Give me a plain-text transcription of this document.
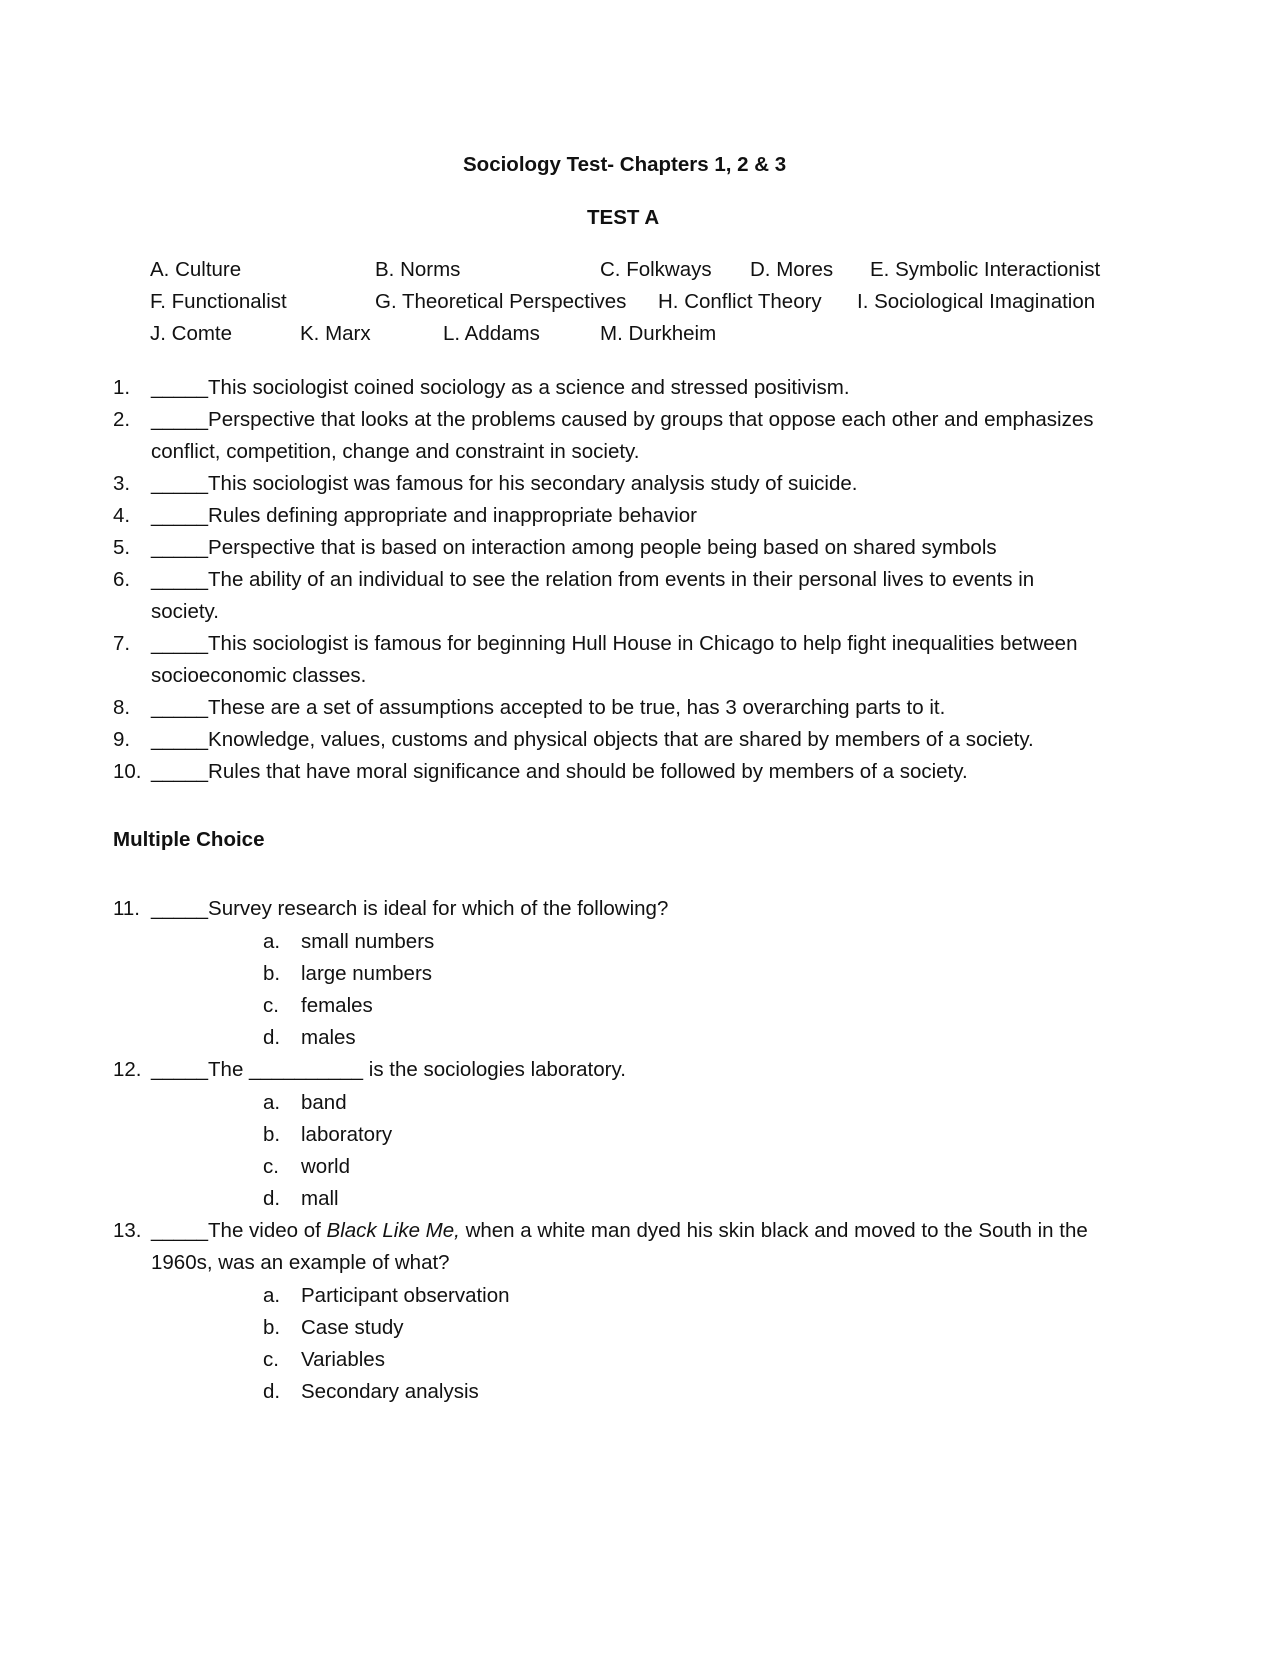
Sociology Test- Chapters 1, 2 & 3
TEST A
A. Culture	B. Norms	C. Folkways D. Mores E. Symbolic Interactionist
F. Functionalist	G. Theoretical Perspectives H. Conflict Theory I. Sociological Imagination
J. Comte	K. Marx	L. Addams	M. Durkheim
1. _____This sociologist coined sociology as a science and stressed positivism.
2. _____Perspective that looks at the problems caused by groups that oppose each other and emphasizes
conflict, competition, change and constraint in society.
3. _____This sociologist was famous for his secondary analysis study of suicide.
4. _____Rules defining appropriate and inappropriate behavior
5. _____Perspective that is based on interaction among people being based on shared symbols
6. _____The ability of an individual to see the relation from events in their personal lives to events in
society.
7. _____This sociologist is famous for beginning Hull House in Chicago to help fight inequalities between
socioeconomic classes.
8. _____These are a set of assumptions accepted to be true, has 3 overarching parts to it.
9. _____Knowledge, values, customs and physical objects that are shared by members of a society.
10. _____Rules that have moral significance and should be followed by members of a society.
Multiple Choice
11. _____Survey research is ideal for which of the following?
a. small numbers
b. large numbers
c. females
d. males
12. _____The __________ is the sociologies laboratory.
a. band
b. laboratory
c. world
d. mall
13. _____The video of Black Like Me, when a white man dyed his skin black and moved to the South in the
1960s, was an example of what?
a. Participant observation
b. Case study
c. Variables
d. Secondary analysis
